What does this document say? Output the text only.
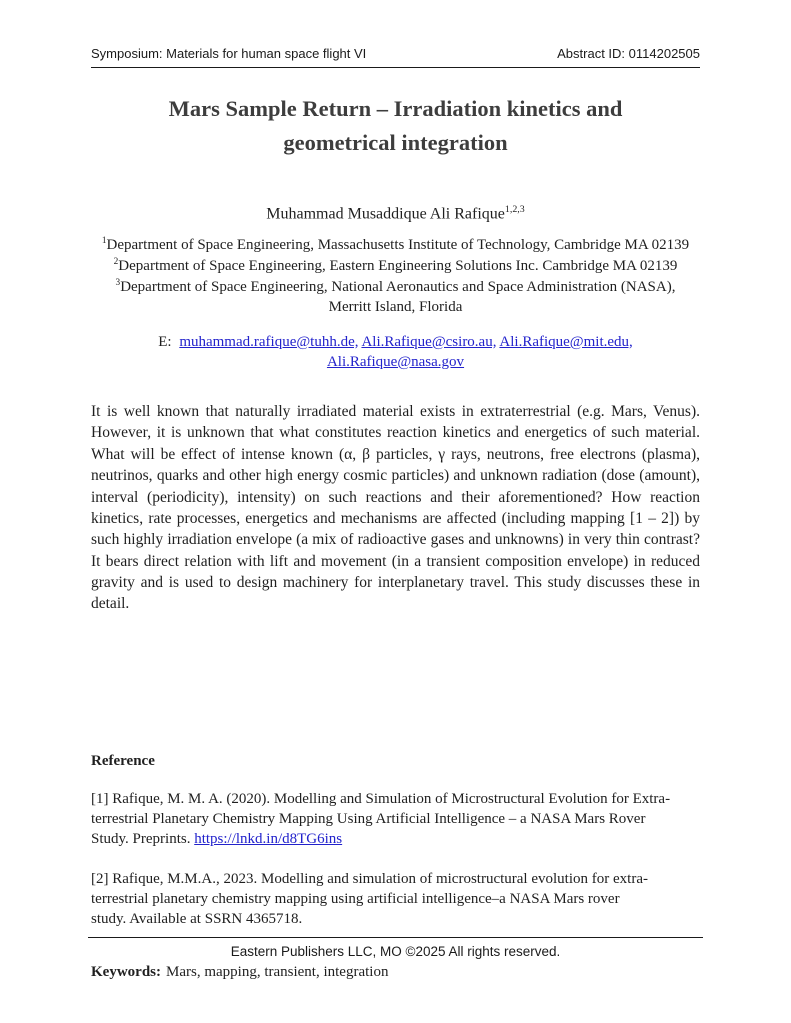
Symposium: Materials for human space flight VI	Abstract ID: 0114202505
Mars Sample Return – Irradiation kinetics and
geometrical integration
Muhammad Musaddique Ali Rafique$^{1,2,3}$
$^1$Department of Space Engineering, Massachusetts Institute of Technology, Cambridge MA 02139
$^2$Department of Space Engineering, Eastern Engineering Solutions Inc. Cambridge MA 02139
$^3$Department of Space Engineering, National Aeronautics and Space Administration (NASA),
Merritt Island, Florida
E: muhammad.rafique@tuhh.de, Ali.Rafique@csiro.au, Ali.Rafique@mit.edu,
Ali.Rafique@nasa.gov

It is well known that naturally irradiated material exists in extraterrestrial (e.g. Mars, Venus). However, it is unknown that what constitutes reaction kinetics and energetics of such material. What will be effect of intense known (α, β particles, γ rays, neutrons, free electrons (plasma), neutrinos, quarks and other high energy cosmic particles) and unknown radiation (dose (amount), interval (periodicity), intensity) on such reactions and their aforementioned? How reaction kinetics, rate processes, energetics and mechanisms are affected (including mapping [1 – 2]) by such highly irradiation envelope (a mix of radioactive gases and unknowns) in very thin contrast? It bears direct relation with lift and movement (in a transient composition envelope) in reduced gravity and is used to design machinery for interplanetary travel. This study discusses these in detail.

Reference
[1] Rafique, M. M. A. (2020). Modelling and Simulation of Microstructural Evolution for Extra-
terrestrial Planetary Chemistry Mapping Using Artificial Intelligence – a NASA Mars Rover
Study. Preprints. https://lnkd.in/d8TG6ins
[2] Rafique, M.M.A., 2023. Modelling and simulation of microstructural evolution for extra-
terrestrial planetary chemistry mapping using artificial intelligence–a NASA Mars rover
study. Available at SSRN 4365718.
Keywords: Mars, mapping, transient, integration
Eastern Publishers LLC, MO ©2025 All rights reserved.
